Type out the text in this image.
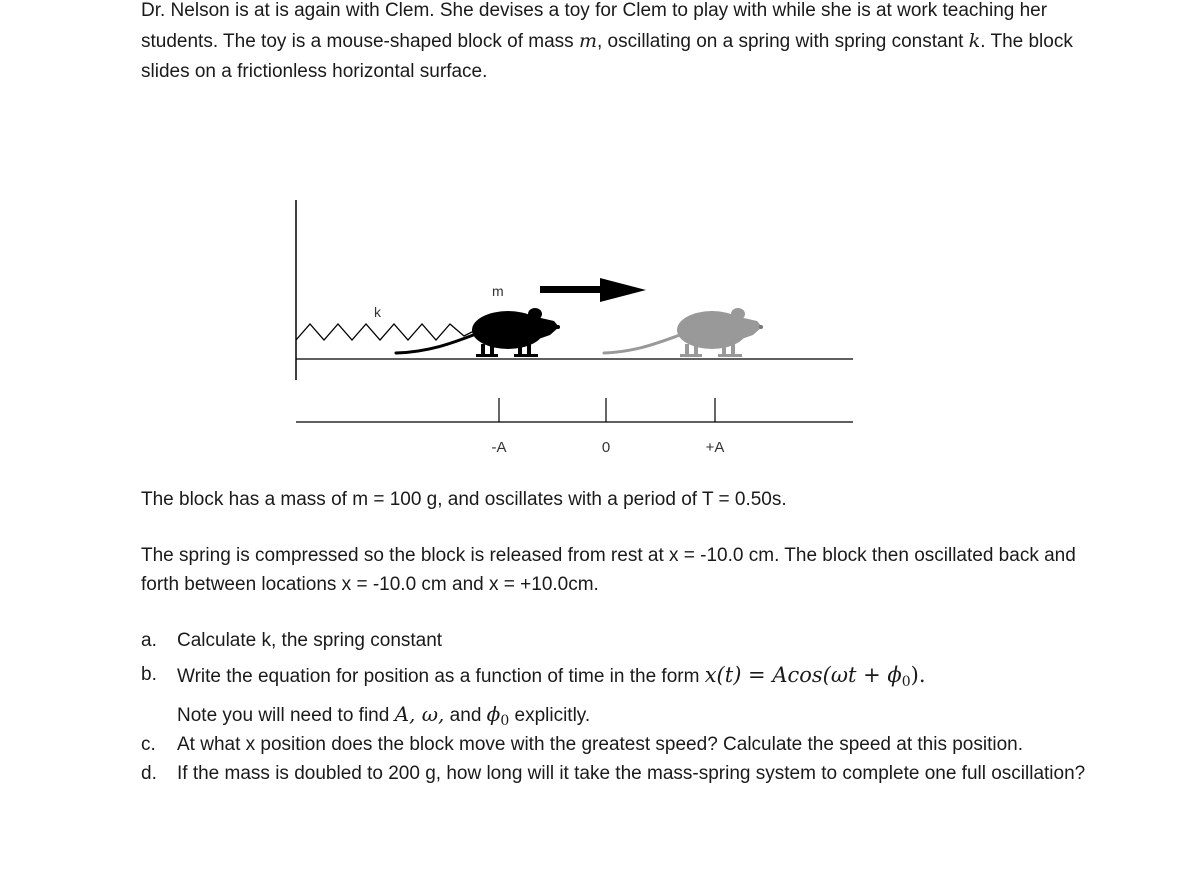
Dr. Nelson is at is again with Clem. She devises a toy for Clem to play with while she is at work teaching her students. The toy is a mouse-shaped block of mass m, oscillating on a spring with spring constant k. The block slides on a frictionless horizontal surface.

k
m
-A	0	+A

The block has a mass of m = 100 g, and oscillates with a period of T = 0.50s.

The spring is compressed so the block is released from rest at x = -10.0 cm. The block then oscillated back and forth between locations x = -10.0 cm and x = +10.0cm.

a. Calculate k, the spring constant
b. Write the equation for position as a function of time in the form x(t) = Acos(ωt + ϕ0).
Note you will need to find A, ω, and $\phi_0$ explicitly.
c. At what x position does the block move with the greatest speed? Calculate the speed at this position.
d. If the mass is doubled to 200 g, how long will it take the mass-spring system to complete one full oscillation?
